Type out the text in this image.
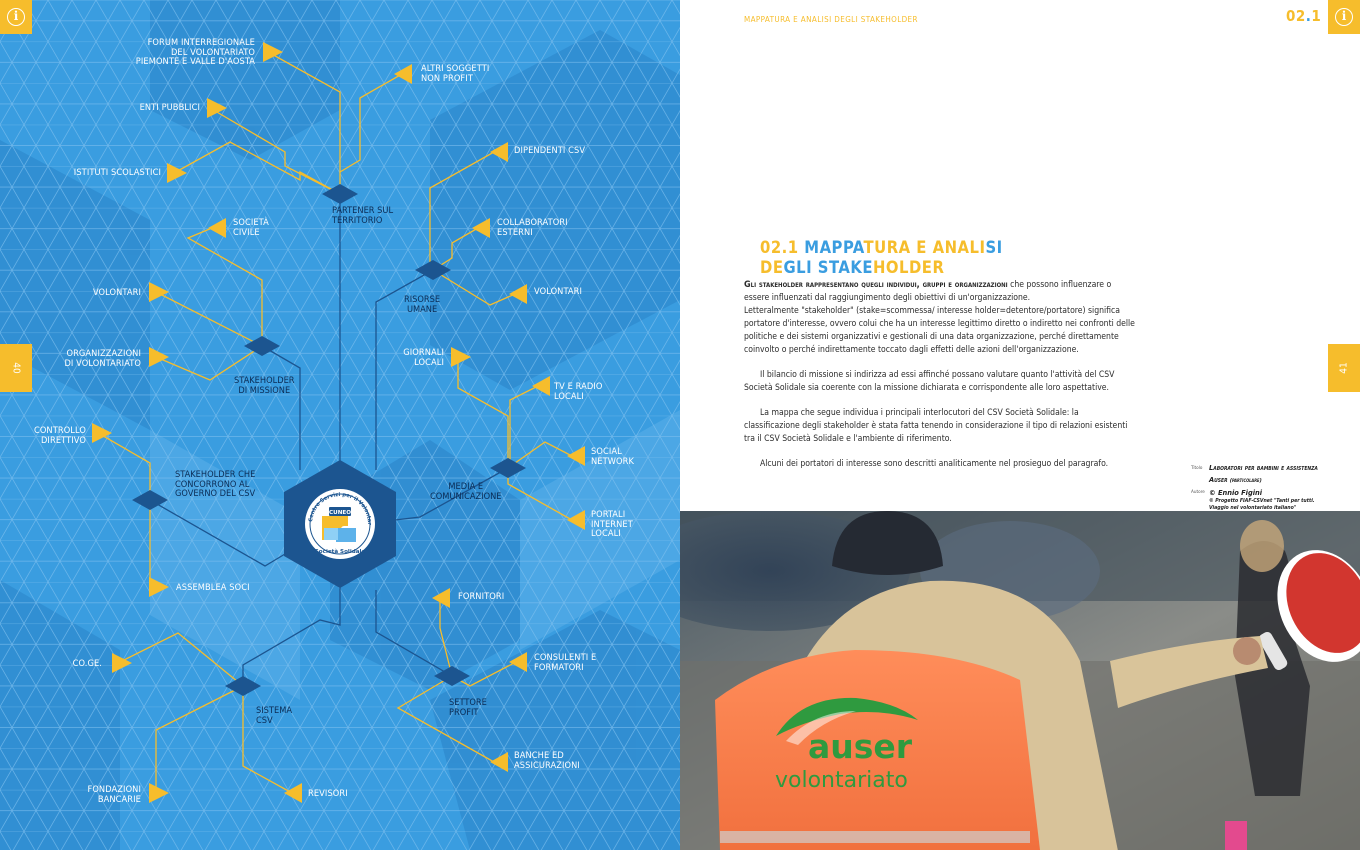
CUNEO
Centro Servizi per il Volontar
Società Solidale
i
40
PARTENER SUL
TERRITORIO
RISORSE
UMANE
STAKEHOLDER
DI MISSIONE
MEDIA E
COMUNICAZIONE
STAKEHOLDER CHE
CONCORRONO AL
GOVERNO DEL CSV
SISTEMA
CSV
SETTORE
PROFIT
FORUM INTERREGIONALE
DEL VOLONTARIATO
PIEMONTE E VALLE D'AOSTA
ALTRI SOGGETTI
NON PROFIT
ENTI PUBBLICI
ISTITUTI SCOLASTICI
DIPENDENTI CSV
COLLABORATORI
ESTERNI
VOLONTARI
SOCIETÀ
CIVILE
VOLONTARI
ORGANIZZAZIONI
DI VOLONTARIATO
GIORNALI
LOCALI
TV E RADIO
LOCALI
SOCIAL
NETWORK
PORTALI
INTERNET
LOCALI
CONTROLLO
DIRETTIVO
ASSEMBLEA SOCI
FORNITORI
CONSULENTI E
FORMATORI
BANCHE ED
ASSICURAZIONI
CO.GE.
FONDAZIONI
BANCARIE
REVISORI
MAPPATURA E ANALISI DEGLI STAKEHOLDER	02.1	i
41
02.1 MAPPATURA E ANALISI
DEGLI STAKEHOLDER

Gli stakeholder rappresentano quegli individui, gruppi e organizzazioni che possono influenzare o essere influenzati dal raggiungimento degli obiettivi di un'organizzazione.

Letteralmente "stakeholder" (stake=scommessa/ interesse holder=detentore/portatore) significa portatore d'interesse, ovvero colui che ha un interesse legittimo diretto o indiretto nei confronti delle politiche e dei sistemi organizzativi e gestionali di una data organizzazione, perché direttamente coinvolto o perché indirettamente toccato dagli effetti delle azioni dell'organizzazione.

Il bilancio di missione si indirizza ad essi affinché possano valutare quanto l'attività del CSV Società Solidale sia coerente con la missione dichiarata e corrispondente alle loro aspettative.

La mappa che segue individua i principali interlocutori del CSV Società Solidale: la classificazione degli stakeholder è stata fatta tenendo in considerazione il tipo di relazioni esistenti tra il CSV Società Solidale e l'ambiente di riferimento.

Alcuni dei portatori di interesse sono descritti analiticamente nel prosieguo del paragrafo.	Titolo Laboratori per bambini e assistenza
Auser (particolare)
Autore © Ennio Figini
© Progetto FIAF-CSVnet "Tanti per tutti.
Viaggio nel volontariato italiano"
auser
volontariato
